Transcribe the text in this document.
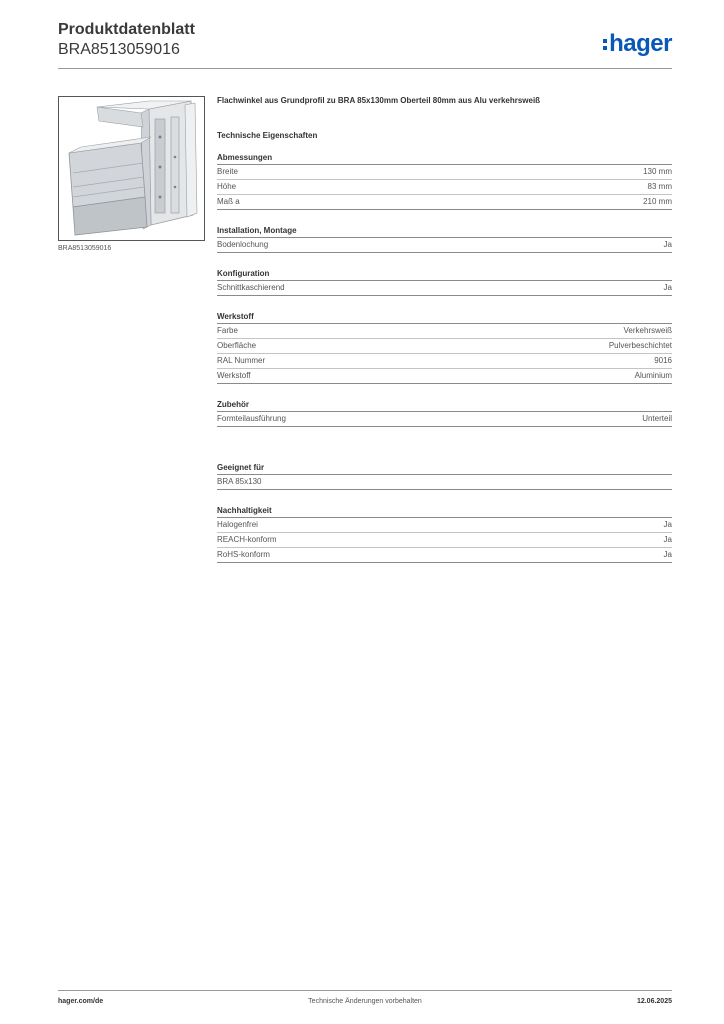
Produktdatenblatt
BRA8513059016	hager
BRA8513059016
Flachwinkel aus Grundprofil zu BRA 85x130mm Oberteil 80mm aus Alu verkehrsweiß
Technische Eigenschaften
Abmessungen
Breite	130 mm
Höhe	83 mm
Maß a	210 mm
Installation, Montage
Bodenlochung	Ja
Konfiguration
Schnittkaschierend	Ja
Werkstoff
Farbe	Verkehrsweiß
Oberfläche	Pulverbeschichtet
RAL Nummer	9016
Werkstoff	Aluminium
Zubehör
Formteilausführung	Unterteil
Geeignet für
BRA 85x130
Nachhaltigkeit
Halogenfrei	Ja
REACH-konform	Ja
RoHS-konform	Ja
hager.com/de	Technische Änderungen vorbehalten	12.06.2025
